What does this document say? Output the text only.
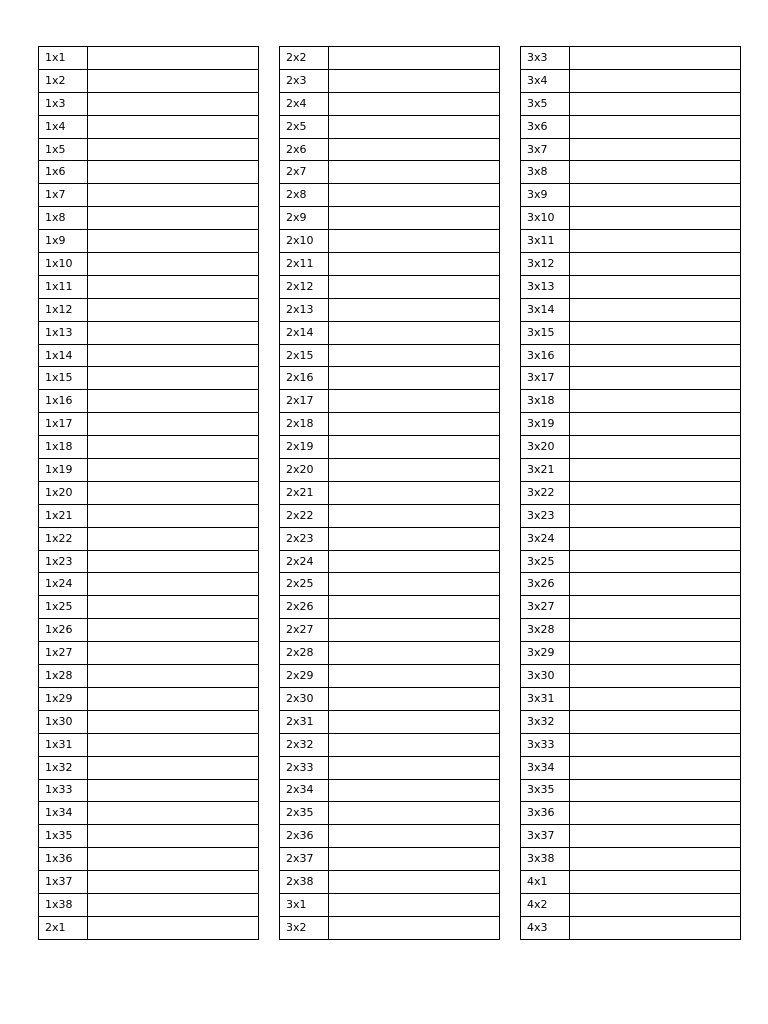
1x1	
1x2	
1x3	
1x4	
1x5	
1x6	
1x7	
1x8	
1x9	
1x10	
1x11	
1x12	
1x13	
1x14	
1x15	
1x16	
1x17	
1x18	
1x19	
1x20	
1x21	
1x22	
1x23	
1x24	
1x25	
1x26	
1x27	
1x28	
1x29	
1x30	
1x31	
1x32	
1x33	
1x34	
1x35	
1x36	
1x37	
1x38	
2x1	
2x2	
2x3	
2x4	
2x5	
2x6	
2x7	
2x8	
2x9	
2x10	
2x11	
2x12	
2x13	
2x14	
2x15	
2x16	
2x17	
2x18	
2x19	
2x20	
2x21	
2x22	
2x23	
2x24	
2x25	
2x26	
2x27	
2x28	
2x29	
2x30	
2x31	
2x32	
2x33	
2x34	
2x35	
2x36	
2x37	
2x38	
3x1	
3x2	
3x3	
3x4	
3x5	
3x6	
3x7	
3x8	
3x9	
3x10	
3x11	
3x12	
3x13	
3x14	
3x15	
3x16	
3x17	
3x18	
3x19	
3x20	
3x21	
3x22	
3x23	
3x24	
3x25	
3x26	
3x27	
3x28	
3x29	
3x30	
3x31	
3x32	
3x33	
3x34	
3x35	
3x36	
3x37	
3x38	
4x1	
4x2	
4x3	
